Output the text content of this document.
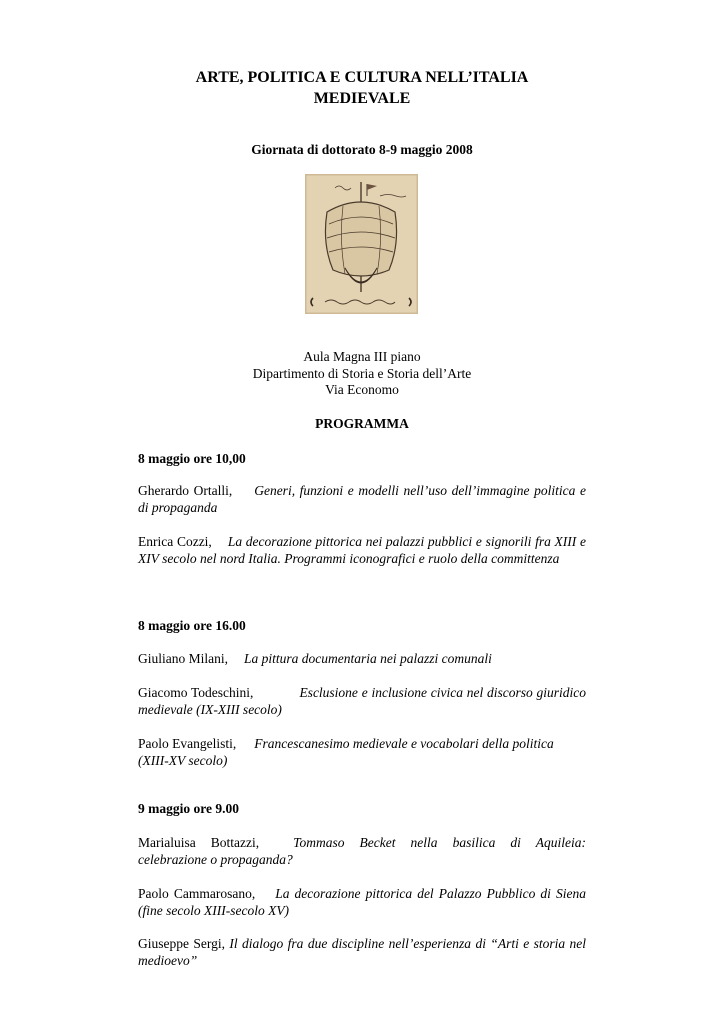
ARTE, POLITICA E CULTURA NELL’ITALIA
MEDIEVALE

Giornata di dottorato 8-9 maggio 2008

Aula Magna III piano

Dipartimento di Storia e Storia dell’Arte

Via Economo

PROGRAMMA

8 maggio ore 10,00

Gherardo Ortalli, Generi, funzioni e modelli nell’uso dell’immagine politica e di propaganda

Enrica Cozzi, La decorazione pittorica nei palazzi pubblici e signorili fra XIII e XIV secolo nel nord Italia. Programmi iconografici e ruolo della committenza

8 maggio ore 16.00

Giuliano Milani, La pittura documentaria nei palazzi comunali

Giacomo Todeschini,	Esclusione e inclusione civica nel discorso giuridico medievale (IX-XIII secolo)

Paolo Evangelisti, Francescanesimo medievale e vocabolari della politica (XIII-XV secolo)

9 maggio ore 9.00

Marialuisa Bottazzi,	Tommaso Becket nella basilica di Aquileia: celebrazione o propaganda?

Paolo Cammarosano, La decorazione pittorica del Palazzo Pubblico di Siena (fine secolo XIII-secolo XV)

Giuseppe Sergi, Il dialogo fra due discipline nell’esperienza di “Arti e storia nel medioevo”
